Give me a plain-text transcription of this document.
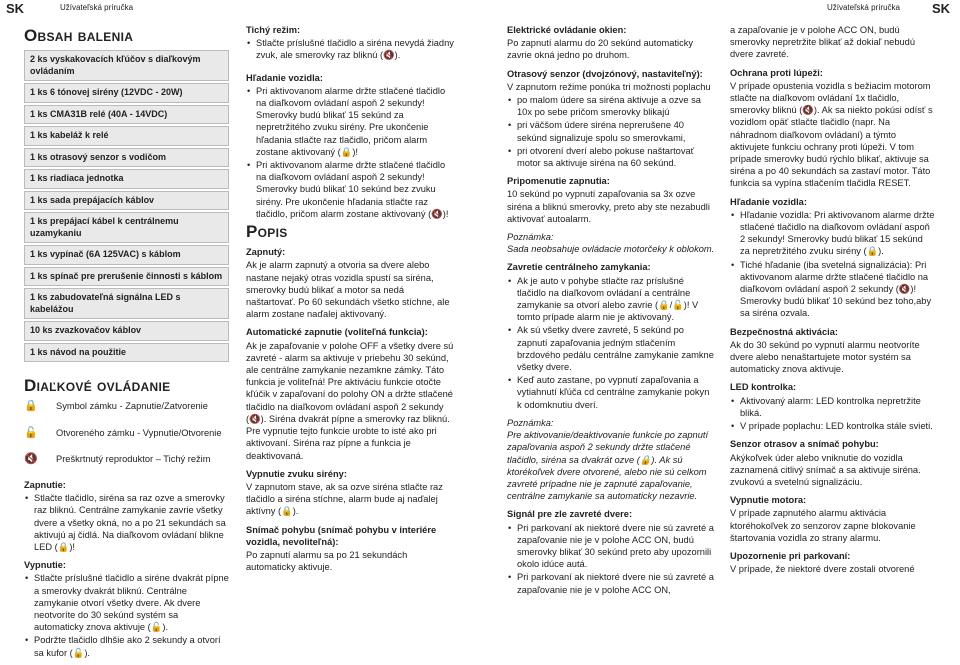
SK	Užívateľská príručka	Užívateľská príručka SK
Obsah balenia
2 ks vyskakovacích kľúčov s diaľkovým ovládaním
1 ks 6 tónovej sirény (12VDC - 20W)
1 ks CMA31B relé (40A - 14VDC)
1 ks kabeláž k relé
1 ks otrasový senzor s vodičom
1 ks riadiaca jednotka
1 ks sada prepájacích káblov
1 ks prepájací kábel k centrálnemu uzamykaniu
1 ks vypínač (6A 125VAC) s káblom
1 ks spínač pre prerušenie činnosti s káblom
1 ks zabudovateľná signálna LED s kabelážou
10 ks zvazkovačov káblov
1 ks návod na použitie
Diaľkové ovládanie
🔒	Symbol zámku - Zapnutie/Zatvorenie
🔓	Otvoreného zámku - Vypnutie/Otvorenie
🔇	Preškrtnutý reproduktor – Tichý režim
Zapnutie:
• Stlačte tlačidlo, siréna sa raz ozve a smerovky raz bliknú. Centrálne zamykanie zavrie všetky dvere a všetky okná, no a po 21 sekundách sa aktivujú aj čidlá. Na diaľkovom ovládaní blikne LED (🔒)!
Vypnutie:
• Stlačte príslušné tlačidlo a siréne dvakrát pípne a smerovky dvakrát bliknú. Centrálne zamykanie otvorí všetky dvere. Ak dvere neotvoríte do 30 sekúnd systém sa automaticky znova aktivuje (🔓).
• Podržte tlačidlo dlhšie ako 2 sekundy a otvorí sa kufor (🔓).
Tichý režim:
• Stlačte príslušné tlačidlo a siréna nevydá žiadny zvuk, ale smerovky raz bliknú (🔇).
Hľadanie vozidla:
• Pri aktivovanom alarme držte stlačené tlačidlo na diaľkovom ovládaní aspoň 2 sekundy! Smerovky budú blikať 15 sekúnd za nepretržitého zvuku sirény. Pre ukončenie hľadania stlačte raz tlačidlo, pričom alarm zostane aktivovaný (🔒)!
• Pri aktivovanom alarme držte stlačené tlačidlo na diaľkovom ovládaní aspoň 2 sekundy! Smerovky budú blikať 10 sekúnd bez zvuku sirény. Pre ukončenie hľadania stlačte raz tlačidlo, pričom alarm zostane aktivovaný (🔇)!
Popis
Zapnutý:

Ak je alarm zapnutý a otvoria sa dvere alebo nastane nejaký otras vozidla spustí sa siréna, smerovky budú blikať a motor sa nedá naštartovať. Po 60 sekundách všetko stíchne, ale alarm zostane naďalej aktivovaný.

Automatické zapnutie (voliteľná funkcia):

Ak je zapaľovanie v polohe OFF a všetky dvere sú zavreté - alarm sa aktivuje v priebehu 30 sekúnd, ale centrálne zamykanie nezamkne zámky. Táto funkcia je voliteľná! Pre aktiváciu funkcie otočte kľúčik v zapaľovaní do polohy ON a držte stlačené tlačidlo na diaľkovom ovládaní aspoň 2 sekundy (🔇). Siréna dvakrát pípne a smerovky raz bliknú. Pre vypnutie tejto funkcie urobte to isté ako pri aktivovaní. Siréna raz pípne a funkcia je deaktivovaná.

Vypnutie zvuku sirény:

V zapnutom stave, ak sa ozve siréna stlačte raz tlačidlo a siréna stíchne, alarm bude aj naďalej aktívny (🔒).

Snímač pohybu (snímač pohybu v interiére vozidla, nevoliteľná):

Po zapnutí alarmu sa po 21 sekundách automaticky aktivuje.

Elektrické ovládanie okien:

Po zapnutí alarmu do 20 sekúnd automaticky zavrie okná jedno po druhom.

Otrasový senzor (dvojzónový, nastaviteľný):

V zapnutom režime ponúka tri možnosti poplachu

• po malom údere sa siréna aktivuje a ozve sa 10x po sebe pričom smerovky blikajú
• pri väčšom údere siréna neprerušene 40 sekúnd signalizuje spolu so smerovkami,
• pri otvorení dverí alebo pokuse naštartovať motor sa aktivuje siréna na 60 sekúnd.
Pripomenutie zapnutia:

10 sekúnd po vypnutí zapaľovania sa 3x ozve siréna a bliknú smerovky, preto aby ste nezabudli aktivovať autoalarm.

Poznámka:

Sada neobsahuje ovládacie motorčeky k oblokom.

Zavretie centrálneho zamykania:
• Ak je auto v pohybe stlačte raz príslušné tlačidlo na diaľkovom ovládaní a centrálne zamykanie sa otvorí alebo zavrie (🔒/🔓)! V tomto prípade alarm nie je aktivovaný.
• Ak sú všetky dvere zavreté, 5 sekúnd po zapnutí zapaľovania jedným stlačením brzdového pedálu centrálne zamykanie zamkne všetky dvere.
• Keď auto zastane, po vypnutí zapaľovania a vytiahnutí kľúča cd centrálne zamykanie pokyn k odomknutiu dverí.
Poznámka:

Pre aktivovanie/deaktivovanie funkcie po zapnutí zapaľovania aspoň 2 sekundy držte stlačené tlačidlo, siréna sa dvakrát ozve (🔒). Ak sú ktorékoľvek dvere otvorené, alebo nie sú celkom zavreté prípadne nie je zapnuté zapaľovanie, centrálne zamykanie sa automaticky nezavrie.

Signál pre zle zavreté dvere:
• Pri parkovaní ak niektoré dvere nie sú zavreté a zapaľovanie nie je v polohe ACC ON, budú smerovky blikať 30 sekúnd preto aby upozornili okolo idúce autá.
• Pri parkovaní ak niektoré dvere nie sú zavreté a zapaľovanie nie je v polohe ACC ON,

a zapaľovanie je v polohe ACC ON, budú smerovky nepretržite blikať až dokiaľ nebudú dvere zavreté.

Ochrana proti lúpeži:

V prípade opustenia vozidla s bežiacim motorom stlačte na diaľkovom ovládaní 1x tlačidlo, smerovky bliknú (🔇). Ak sa niekto pokúsi odísť s vozidlom opäť stlačte tlačidlo (napr. Na náhradnom diaľkovom ovládaní) a týmto aktivujete funkciu ochrany proti lúpeži. V tom prípade smerovky budú rýchlo blikať, aktivuje sa siréna a po 40 sekundách sa zastaví motor. Táto funkcia sa vypína stlačením tlačidla RESET.

Hľadanie vozidla:
• Hľadanie vozidla: Pri aktivovanom alarme držte stlačené tlačidlo na diaľkovom ovládaní aspoň 2 sekundy! Smerovky budú blikať 15 sekúnd za nepretržitého zvuku sirény (🔒).
• Tiché hľadanie (iba svetelná signalizácia): Pri aktivovanom alarme držte stlačené tlačidlo na diaľkovom ovládaní aspoň 2 sekundy (🔇)! Smerovky budú blikať 10 sekúnd bez toho,aby sa siréna ozvala.
Bezpečnostná aktivácia:

Ak do 30 sekúnd po vypnutí alarmu neotvoríte dvere alebo nenaštartujete motor systém sa automaticky znova aktivuje.

LED kontrolka:
• Aktivovaný alarm: LED kontrolka nepretržite bliká.
• V prípade poplachu: LED kontrolka stále svieti.
Senzor otrasov a snímač pohybu:

Akýkoľvek úder alebo vniknutie do vozidla zaznamená citlivý snímač a sa aktivuje siréna. zvukovú a svetelnú signalizáciu.

Vypnutie motora:

V prípade zapnutého alarmu aktivácia ktoréhokoľvek zo senzorov zapne blokovanie štartovania vozidla zo strany alarmu.

Upozornenie pri parkovaní:

V prípade, že niektoré dvere zostali otvorené
